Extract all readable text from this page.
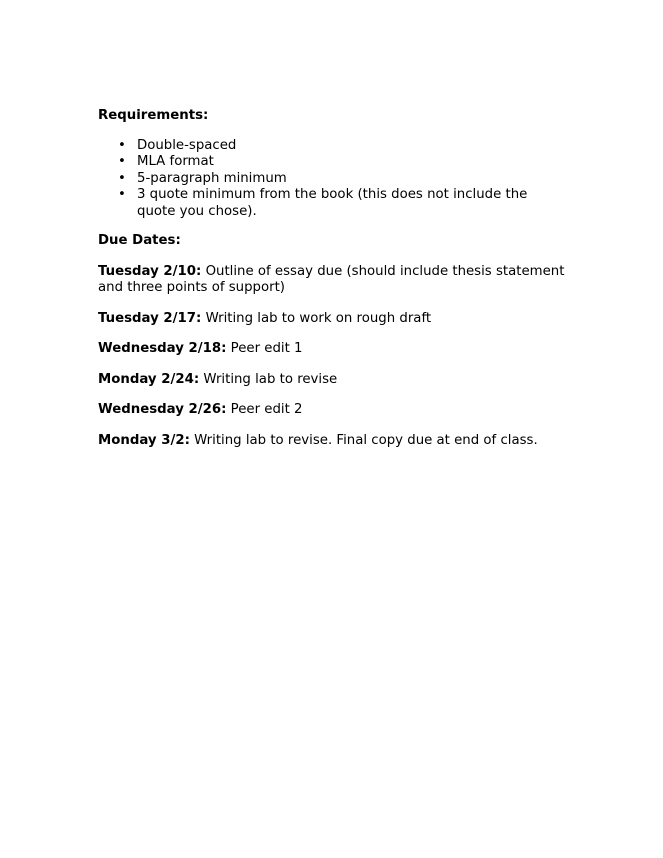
Requirements:

• Double-spaced
• MLA format
• 5-paragraph minimum
• 3 quote minimum from the book (this does not include the quote you chose).

Due Dates:

Tuesday 2/10: Outline of essay due (should include thesis statement and three points of support)

Tuesday 2/17: Writing lab to work on rough draft

Wednesday 2/18: Peer edit 1

Monday 2/24: Writing lab to revise

Wednesday 2/26: Peer edit 2

Monday 3/2: Writing lab to revise. Final copy due at end of class.
